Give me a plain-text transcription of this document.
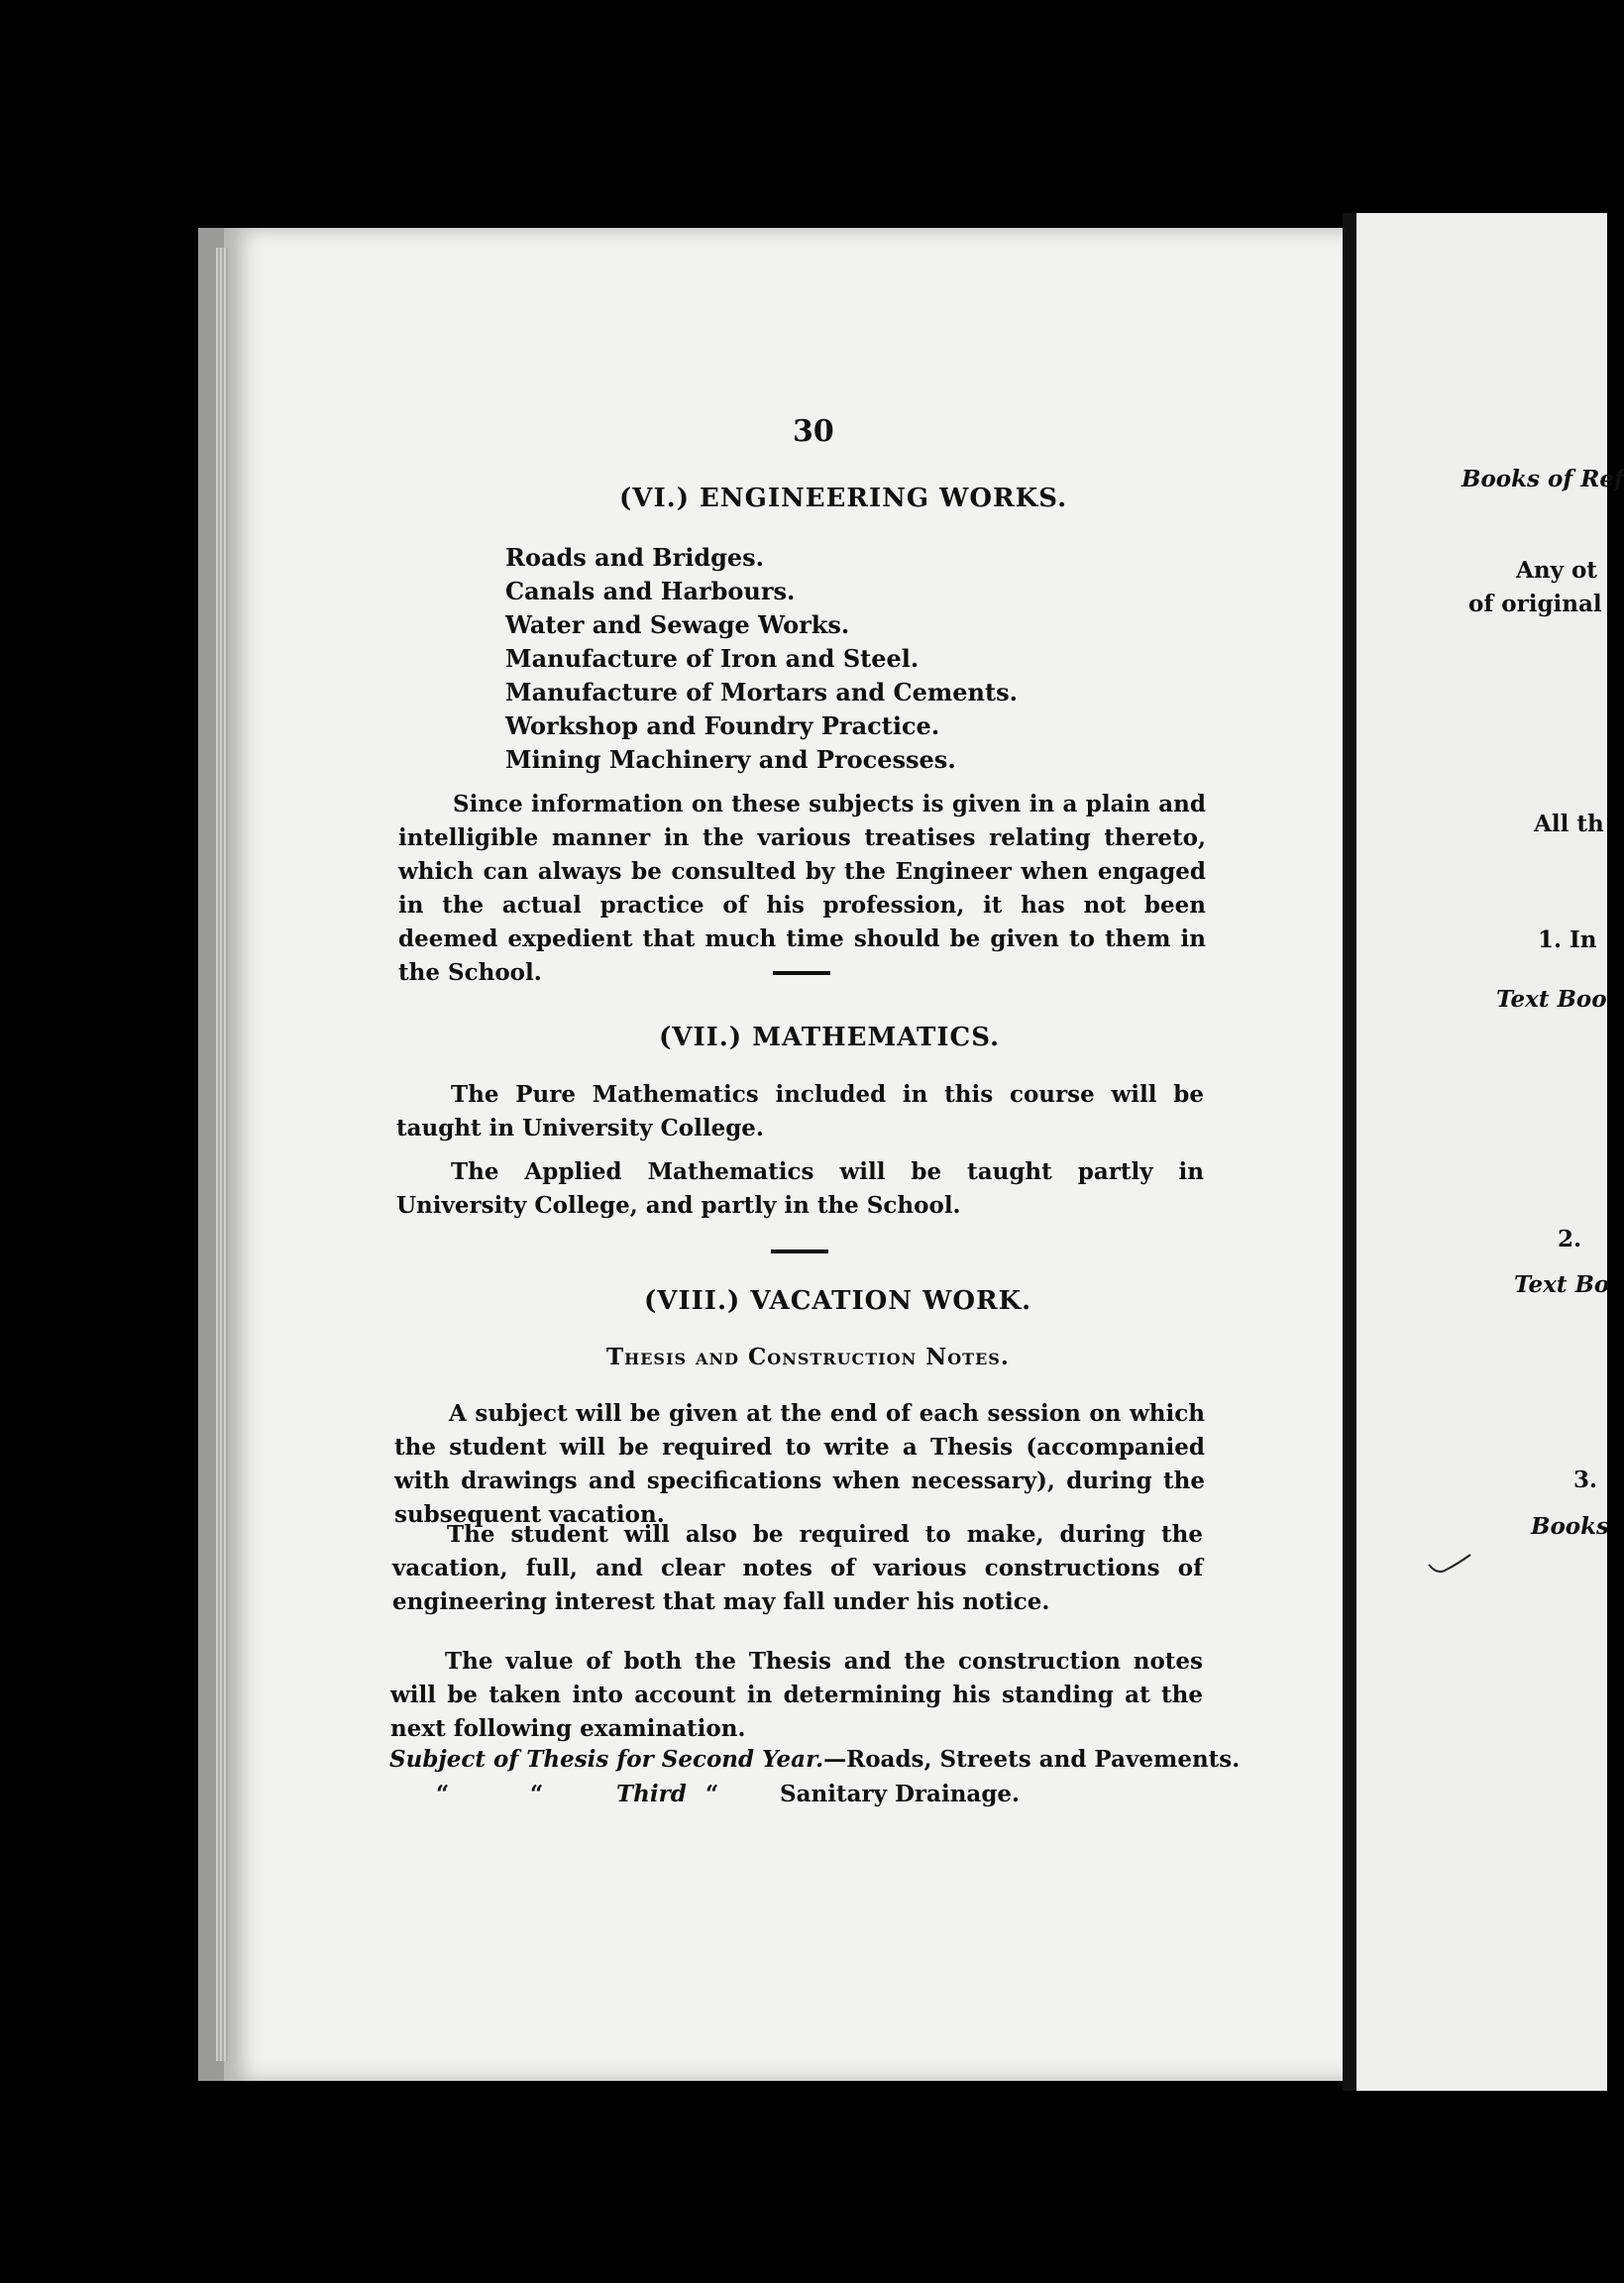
30
(VI.) ENGINEERING WORKS.
Roads and Bridges.
Canals and Harbours.
Water and Sewage Works.
Manufacture of Iron and Steel.
Manufacture of Mortars and Cements.
Workshop and Foundry Practice.
Mining Machinery and Processes.
Since information on these subjects is given in a plain and intelligible manner in the various treatises relating thereto, which can always be consulted by the Engineer when engaged in the actual practice of his profession, it has not been deemed expedient that much time should be given to them in the School.
(VII.) MATHEMATICS.
The Pure Mathematics included in this course will be taught in University College.
The Applied Mathematics will be taught partly in University College, and partly in the School.
(VIII.) VACATION WORK.
Thesis and Construction Notes.
A subject will be given at the end of each session on which the student will be required to write a Thesis (accompanied with drawings and specifications when necessary), during the subsequent vacation.
The student will also be required to make, during the vacation, full, and clear notes of various constructions of engineering interest that may fall under his notice.
The value of both the Thesis and the construction notes will be taken into account in determining his standing at the next following examination.
Subject of Thesis for Second Year.—Roads, Streets and Pavements.
“	“	Third “	Sanitary Drainage.
Books of Ref
Any ot
of original
All th
1. In
Text Boo
2.
Text Bo
3.
Books
